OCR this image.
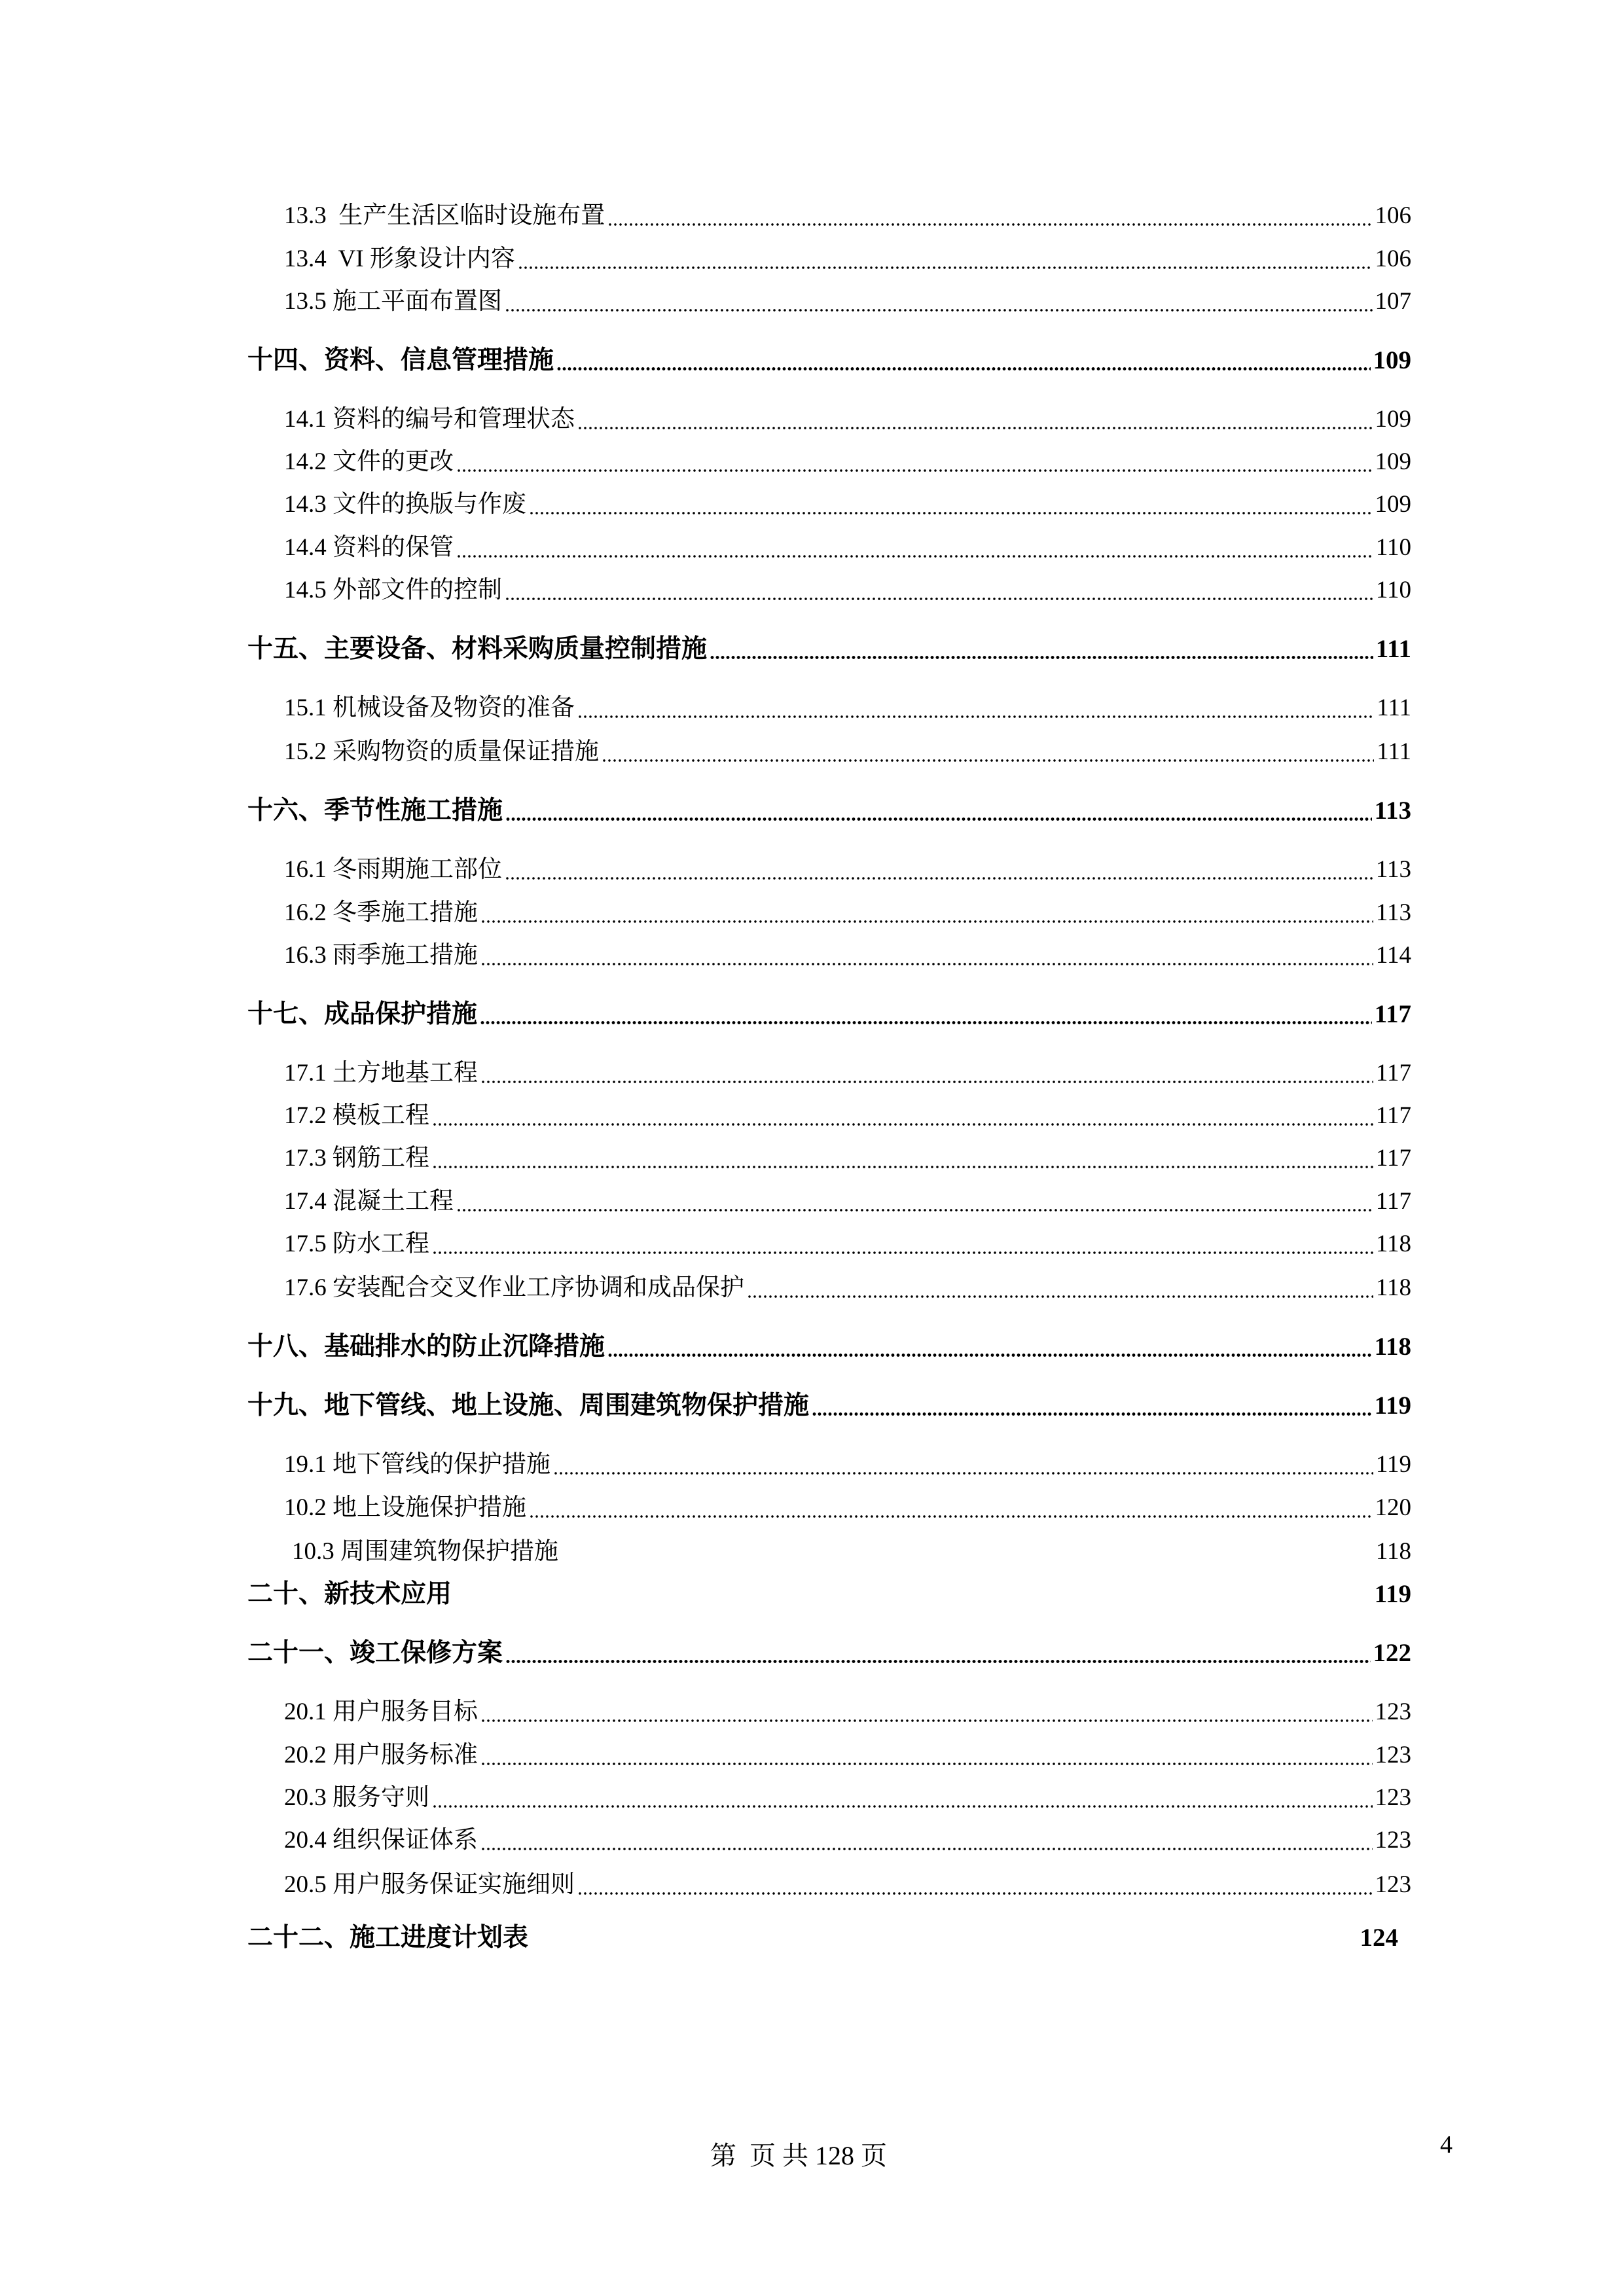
13.3  生产生活区临时设施布置	106
13.4  VI 形象设计内容	106
13.5 施工平面布置图	107
十四、资料、信息管理措施	109
14.1 资料的编号和管理状态	109
14.2 文件的更改	109
14.3 文件的换版与作废	109
14.4 资料的保管	110
14.5 外部文件的控制	110
十五、主要设备、材料采购质量控制措施	111
15.1 机械设备及物资的准备	111
15.2 采购物资的质量保证措施	111
十六、季节性施工措施	113
16.1 冬雨期施工部位	113
16.2 冬季施工措施	113
16.3 雨季施工措施	114
十七、成品保护措施	117
17.1 土方地基工程	117
17.2 模板工程	117
17.3 钢筋工程	117
17.4 混凝土工程	117
17.5 防水工程	118
17.6 安装配合交叉作业工序协调和成品保护	118
十八、基础排水的防止沉降措施	118
十九、地下管线、地上设施、周围建筑物保护措施	119
19.1 地下管线的保护措施	119
10.2 地上设施保护措施	120
10.3 周围建筑物保护措施	118
二十、新技术应用	119
二十一、竣工保修方案	122
20.1 用户服务目标	123
20.2 用户服务标准	123
20.3 服务守则	123
20.4 组织保证体系	123
20.5 用户服务保证实施细则	123
二十二、施工进度计划表	124
第  页 共 128 页	4
